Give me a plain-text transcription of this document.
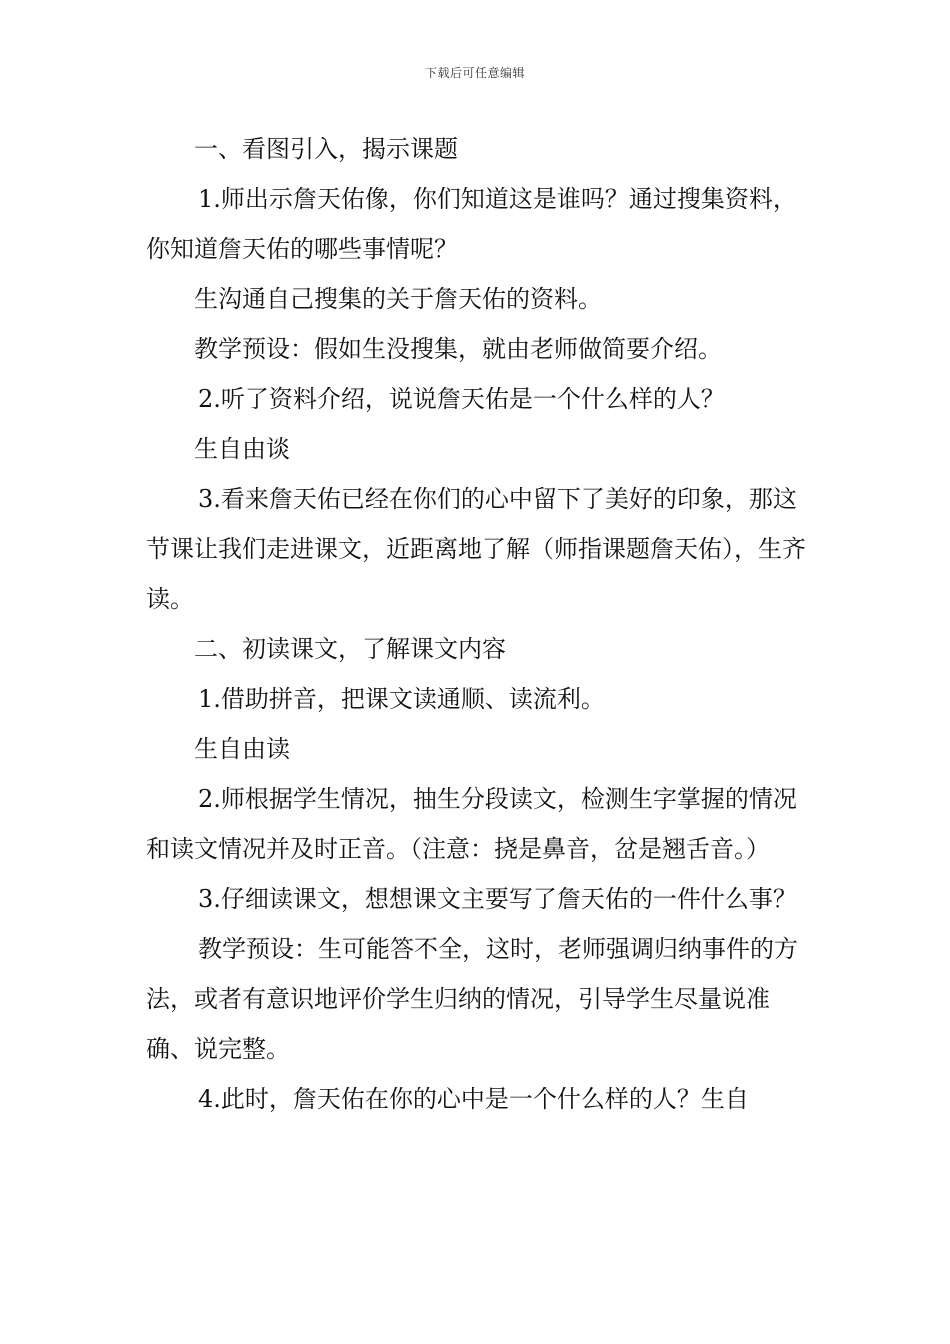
下载后可任意编辑

一、看图引入，揭示课题

1.师出示詹天佑像，你们知道这是谁吗？通过搜集资料，你知道詹天佑的哪些事情呢？

生沟通自己搜集的关于詹天佑的资料。

教学预设：假如生没搜集，就由老师做简要介绍。

2.听了资料介绍，说说詹天佑是一个什么样的人？

生自由谈

3.看来詹天佑已经在你们的心中留下了美好的印象，那这节课让我们走进课文，近距离地了解（师指课题詹天佑），生齐读。

二、初读课文，了解课文内容

1.借助拼音，把课文读通顺、读流利。

生自由读

2.师根据学生情况，抽生分段读文，检测生字掌握的情况和读文情况并及时正音。（注意：挠是鼻音，岔是翘舌音。）

3.仔细读课文，想想课文主要写了詹天佑的一件什么事？

教学预设：生可能答不全，这时，老师强调归纳事件的方法，或者有意识地评价学生归纳的情况，引导学生尽量说准确、说完整。

4.此时，詹天佑在你的心中是一个什么样的人？生自
